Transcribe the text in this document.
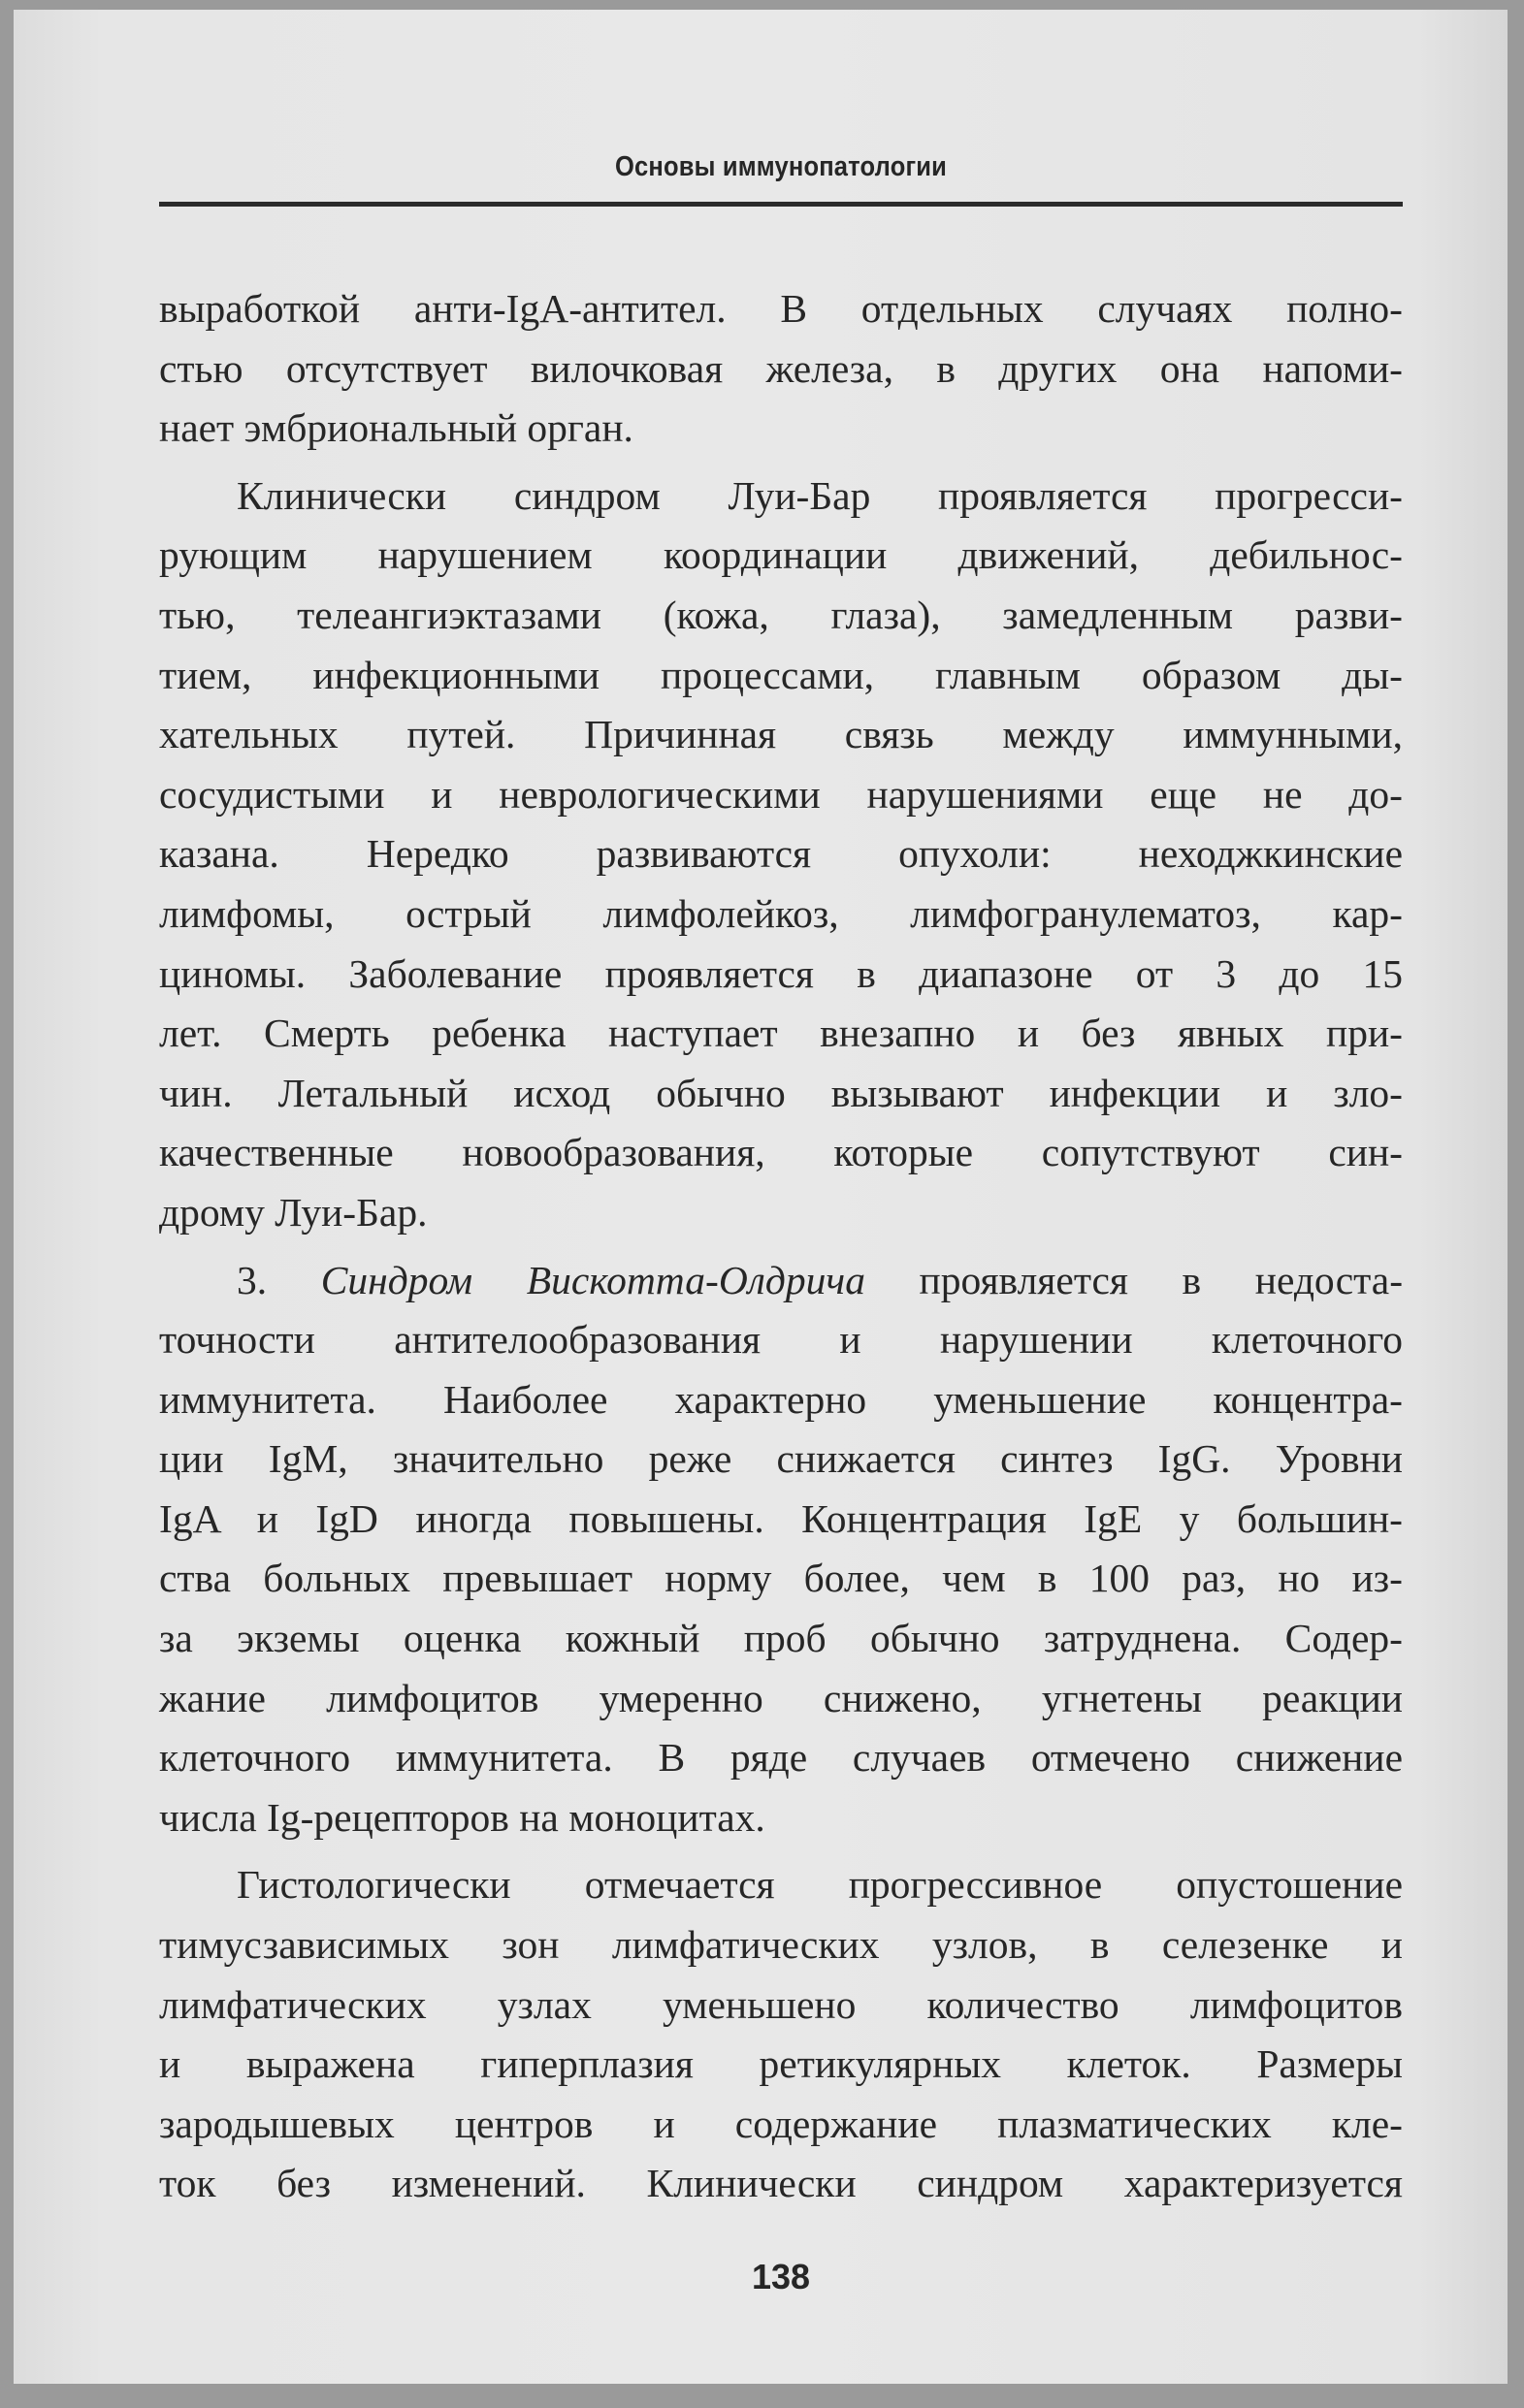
Основы иммунопатологии
выработкой анти-IgA-антител. В отдельных случаях полно-
стью отсутствует вилочковая железа, в других она напоми-
нает эмбриональный орган.
Клинически синдром Луи-Бар проявляется прогресси-
рующим нарушением координации движений, дебильнос-
тью, телеангиэктазами (кожа, глаза), замедленным разви-
тием, инфекционными процессами, главным образом ды-
хательных путей. Причинная связь между иммунными,
сосудистыми и неврологическими нарушениями еще не до-
казана. Нередко развиваются опухоли: неходжкинские
лимфомы, острый лимфолейкоз, лимфогранулематоз, кар-
циномы. Заболевание проявляется в диапазоне от 3 до 15
лет. Смерть ребенка наступает внезапно и без явных при-
чин. Летальный исход обычно вызывают инфекции и зло-
качественные новообразования, которые сопутствуют син-
дрому Луи-Бар.
3. Синдром Вискотта-Олдрича проявляется в недоста-
точности антителообразования и нарушении клеточного
иммунитета. Наиболее характерно уменьшение концентра-
ции IgM, значительно реже снижается синтез IgG. Уровни
IgA и IgD иногда повышены. Концентрация IgE у большин-
ства больных превышает норму более, чем в 100 раз, но из-
за экземы оценка кожный проб обычно затруднена. Содер-
жание лимфоцитов умеренно снижено, угнетены реакции
клеточного иммунитета. В ряде случаев отмечено снижение
числа Ig-рецепторов на моноцитах.
Гистологически отмечается прогрессивное опустошение
тимусзависимых зон лимфатических узлов, в селезенке и
лимфатических узлах уменьшено количество лимфоцитов
и выражена гиперплазия ретикулярных клеток. Размеры
зародышевых центров и содержание плазматических кле-
ток без изменений. Клинически синдром характеризуется
138
